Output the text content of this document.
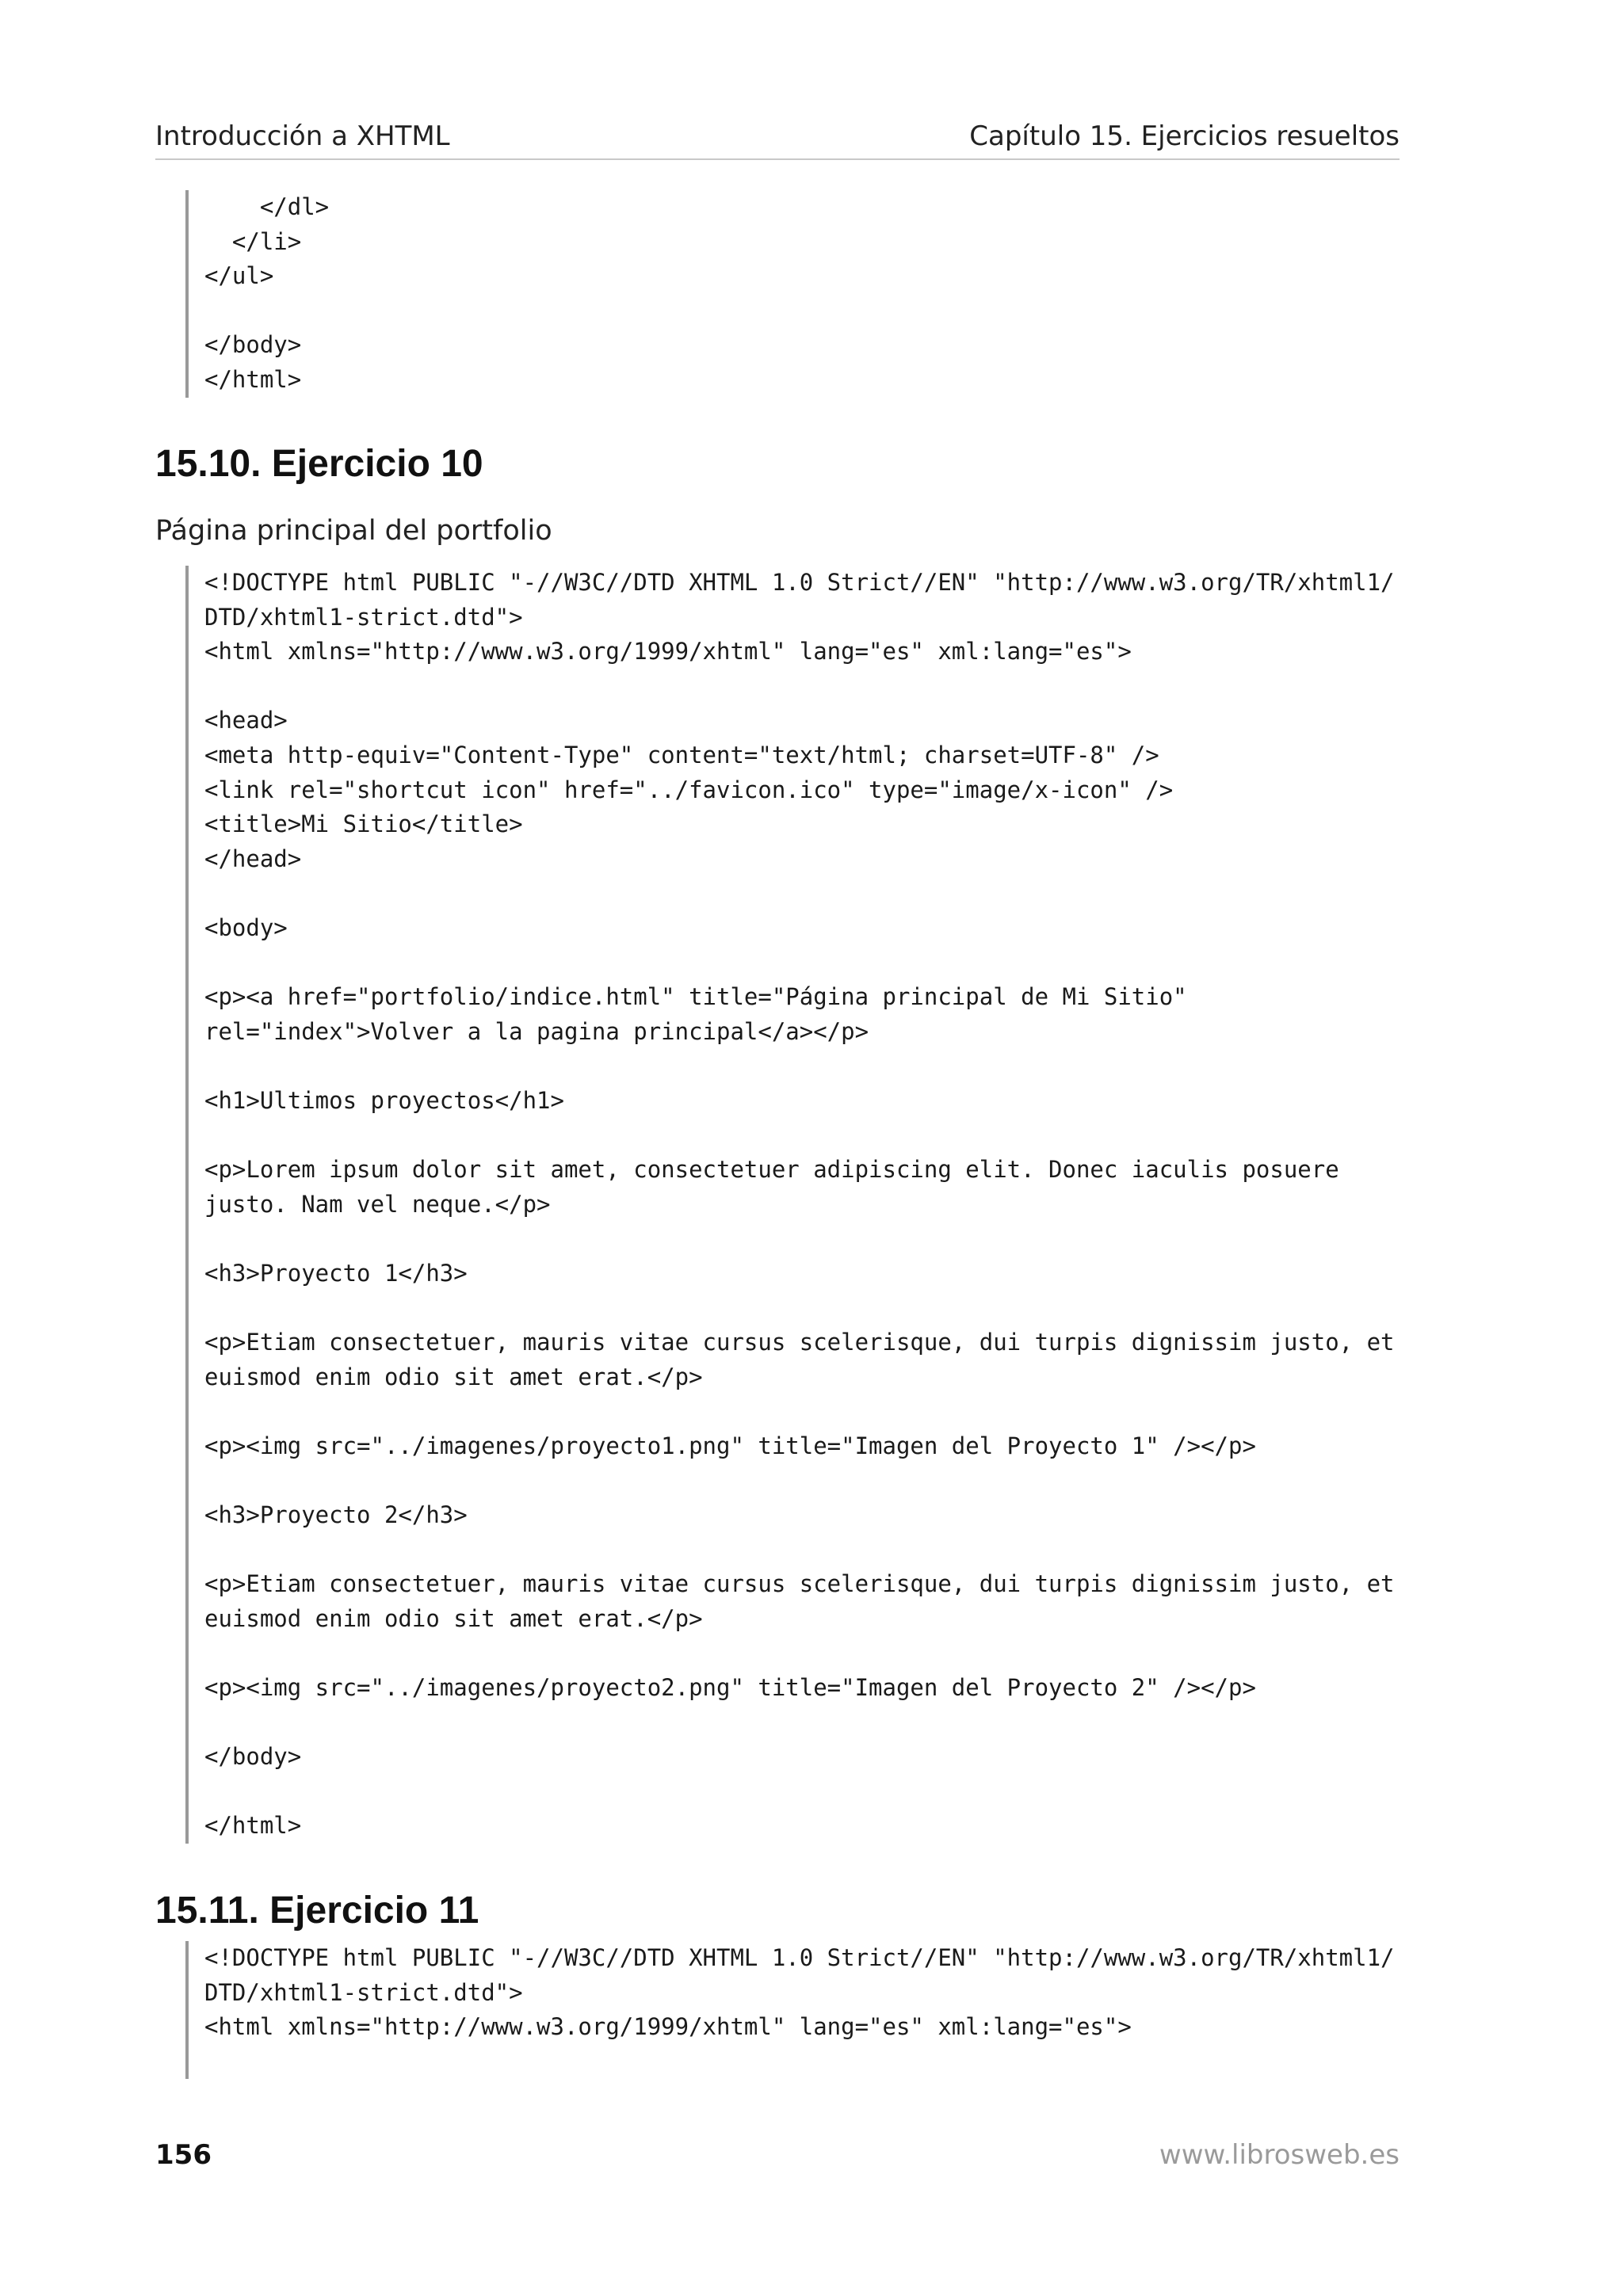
Introducción a XHTML	Capítulo 15. Ejercicios resueltos
</dl>
</li>
</ul>
</body>
</html>
15.10. Ejercicio 10

Página principal del portfolio

<!DOCTYPE html PUBLIC "-//W3C//DTD XHTML 1.0 Strict//EN" "http://www.w3.org/TR/xhtml1/
DTD/xhtml1-strict.dtd">
<html xmlns="http://www.w3.org/1999/xhtml" lang="es" xml:lang="es">
<head>
<meta http-equiv="Content-Type" content="text/html; charset=UTF-8" />
<link rel="shortcut icon" href="../favicon.ico" type="image/x-icon" />
<title>Mi Sitio</title>
</head>
<body>
<p><a href="portfolio/indice.html" title="Página principal de Mi Sitio"
rel="index">Volver a la pagina principal</a></p>
<h1>Ultimos proyectos</h1>
<p>Lorem ipsum dolor sit amet, consectetuer adipiscing elit. Donec iaculis posuere
justo. Nam vel neque.</p>
<h3>Proyecto 1</h3>
<p>Etiam consectetuer, mauris vitae cursus scelerisque, dui turpis dignissim justo, et
euismod enim odio sit amet erat.</p>
<p><img src="../imagenes/proyecto1.png" title="Imagen del Proyecto 1" /></p>
<h3>Proyecto 2</h3>
<p>Etiam consectetuer, mauris vitae cursus scelerisque, dui turpis dignissim justo, et
euismod enim odio sit amet erat.</p>
<p><img src="../imagenes/proyecto2.png" title="Imagen del Proyecto 2" /></p>
</body>
</html>
15.11. Ejercicio 11
<!DOCTYPE html PUBLIC "-//W3C//DTD XHTML 1.0 Strict//EN" "http://www.w3.org/TR/xhtml1/
DTD/xhtml1-strict.dtd">
<html xmlns="http://www.w3.org/1999/xhtml" lang="es" xml:lang="es">
156	www.librosweb.es
